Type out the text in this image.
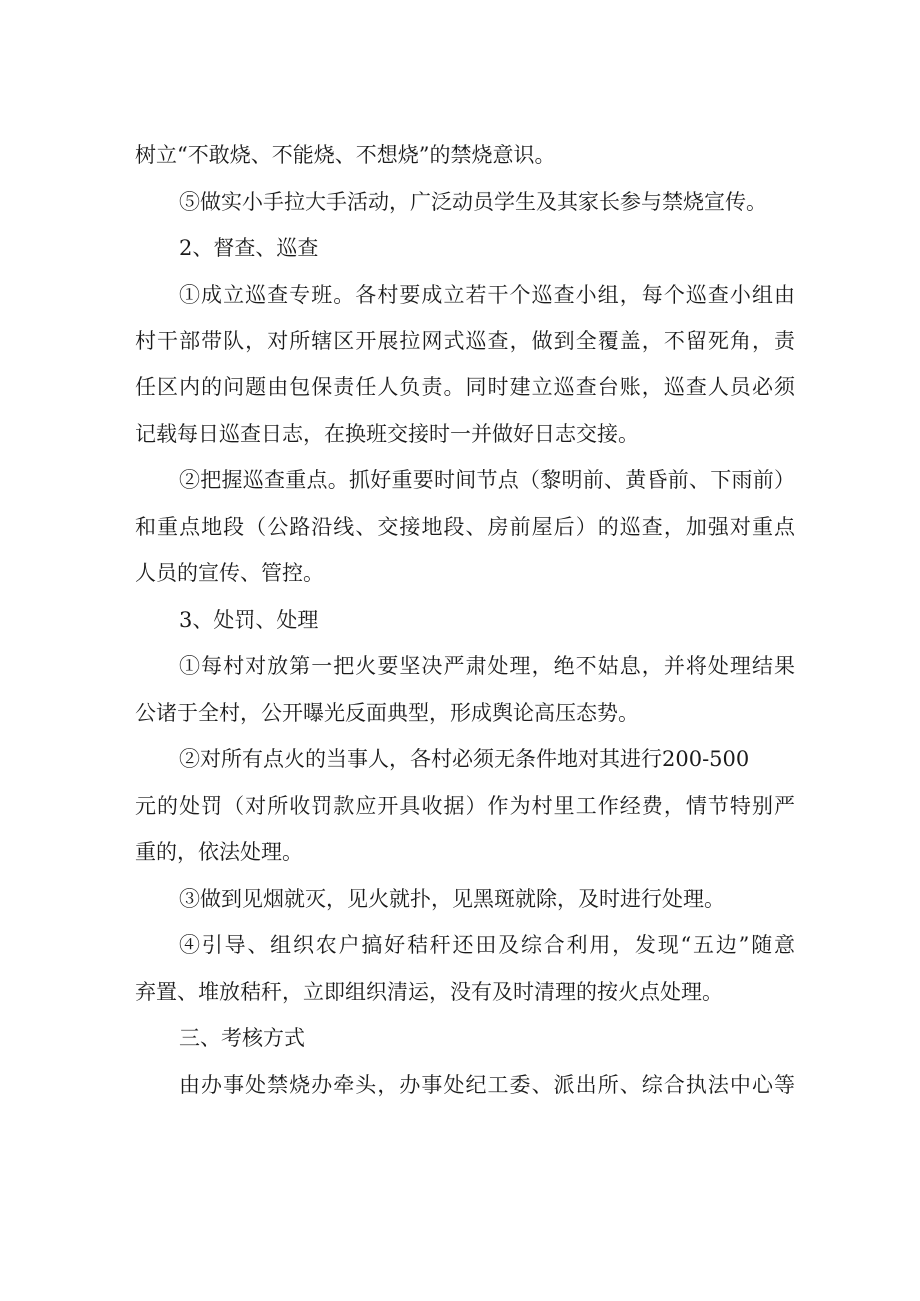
树立“不敢烧、不能烧、不想烧”的禁烧意识。
⑤做实小手拉大手活动，广泛动员学生及其家长参与禁烧宣传。
2、督查、巡查
①成立巡查专班。各村要成立若干个巡查小组，每个巡查小组由
村干部带队，对所辖区开展拉网式巡查，做到全覆盖，不留死角，责
任区内的问题由包保责任人负责。同时建立巡查台账，巡查人员必须
记载每日巡查日志，在换班交接时一并做好日志交接。
②把握巡查重点。抓好重要时间节点（黎明前、黄昏前、下雨前）
和重点地段（公路沿线、交接地段、房前屋后）的巡查，加强对重点
人员的宣传、管控。
3、处罚、处理
①每村对放第一把火要坚决严肃处理，绝不姑息，并将处理结果
公诸于全村，公开曝光反面典型，形成舆论高压态势。
②对所有点火的当事人，各村必须无条件地对其进行200-500
元的处罚（对所收罚款应开具收据）作为村里工作经费，情节特别严
重的，依法处理。
③做到见烟就灭，见火就扑，见黑斑就除，及时进行处理。
④引导、组织农户搞好秸秆还田及综合利用，发现“五边”随意
弃置、堆放秸秆，立即组织清运，没有及时清理的按火点处理。
三、考核方式
由办事处禁烧办牵头，办事处纪工委、派出所、综合执法中心等
